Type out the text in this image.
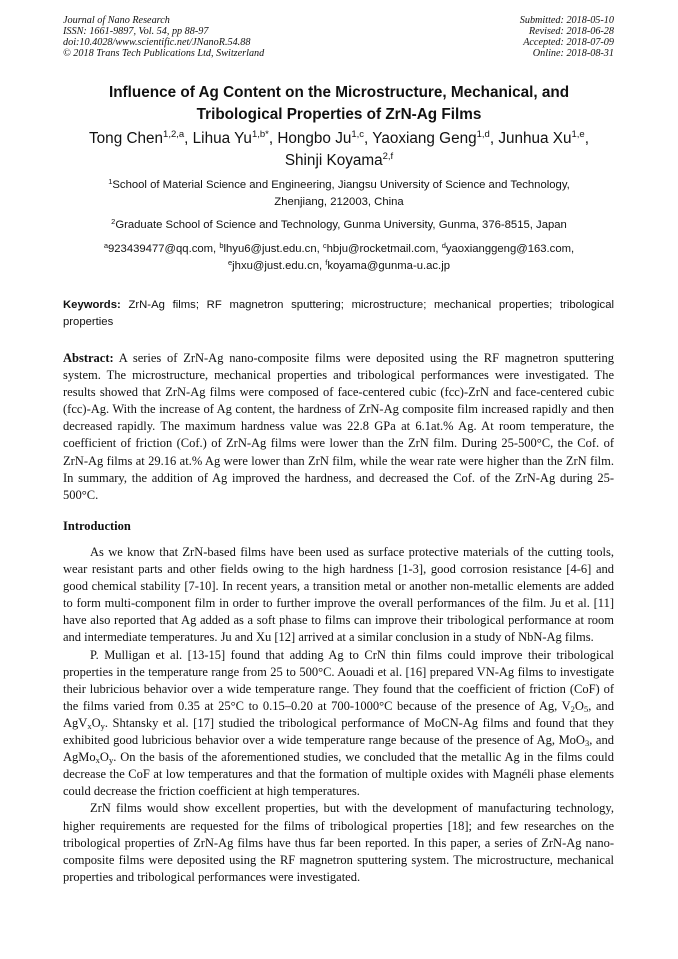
Journal of Nano Research
ISSN: 1661-9897, Vol. 54, pp 88-97
doi:10.4028/www.scientific.net/JNanoR.54.88
© 2018 Trans Tech Publications Ltd, Switzerland
Submitted: 2018-05-10
Revised: 2018-06-28
Accepted: 2018-07-09
Online: 2018-08-31
Influence of Ag Content on the Microstructure, Mechanical, and
Tribological Properties of ZrN-Ag Films
Tong Chen$^{1,2,a}$, Lihua $Yu^{1,b*}$, Hongbo Ju$^{1,c}$, Yaoxiang Geng$^{1,d}$, Junhua Xu$^{1,e}$,
Shinji Koyama$^{2,f}$
$^1$School of Material Science and Engineering, Jiangsu University of Science and Technology,
Zhenjiang, 212003, China
$^2$Graduate School of Science and Technology, Gunma University, Gunma, 376-8515, Japan
$^a$923439477@qq.com, $^b$lhyu6@just.edu.cn, $^c$hbju@rocketmail.com, $^d$yaoxianggeng@163.com,
$^e$jhxu@just.edu.cn, $^f$koyama@gunma-u.ac.jp
Keywords: ZrN-Ag films; RF magnetron sputtering; microstructure; mechanical properties; tribological properties
Abstract: A series of ZrN-Ag nano-composite films were deposited using the RF magnetron sputtering system. The microstructure, mechanical properties and tribological performances were investigated. The results showed that ZrN-Ag films were composed of face-centered cubic (fcc)-ZrN and face-centered cubic (fcc)-Ag. With the increase of Ag content, the hardness of ZrN-Ag composite film increased rapidly and then decreased rapidly. The maximum hardness value was 22.8 GPa at 6.1at.% Ag. At room temperature, the coefficient of friction (Cof.) of ZrN-Ag films were lower than the ZrN film. During 25-500°C, the Cof. of ZrN-Ag films at 29.16 at.% Ag were lower than ZrN film, while the wear rate were higher than the ZrN film. In summary, the addition of Ag improved the hardness, and decreased the Cof. of the ZrN-Ag during 25-500°C.
Introduction

As we know that ZrN-based films have been used as surface protective materials of the cutting tools, wear resistant parts and other fields owing to the high hardness [1-3], good corrosion resistance [4-6] and good chemical stability [7-10]. In recent years, a transition metal or another non-metallic elements are added to form multi-component film in order to further improve the overall performances of the film. Ju et al. [11] have also reported that Ag added as a soft phase to films can improve their tribological performance at room and intermediate temperatures. Ju and Xu [12] arrived at a similar conclusion in a study of NbN-Ag films.

P. Mulligan et al. [13-15] found that adding Ag to CrN thin films could improve their tribological properties in the temperature range from 25 to 500°C. Aouadi et al. [16] prepared VN-Ag films to investigate their lubricious behavior over a wide temperature range. They found that the coefficient of friction (CoF) of the films varied from 0.35 at 25°C to 0.15–0.20 at 700-1000°C because of the presence of Ag, $V_2O_5$, and $AgV_xO_y$. Shtansky et al. [17] studied the tribological performance of MoCN-Ag films and found that they exhibited good lubricious behavior over a wide temperature range because of the presence of Ag, MoO$_3$, and $AgMo_xO_y$. On the basis of the aforementioned studies, we concluded that the metallic Ag in the films could decrease the CoF at low temperatures and that the formation of multiple oxides with Magnéli phase elements could decrease the friction coefficient at high temperatures.

ZrN films would show excellent properties, but with the development of manufacturing technology, higher requirements are requested for the films of tribological properties [18]; and few researches on the tribological properties of ZrN-Ag films have thus far been reported. In this paper, a series of ZrN-Ag nano-composite films were deposited using the RF magnetron sputtering system. The microstructure, mechanical properties and tribological performances were investigated.
